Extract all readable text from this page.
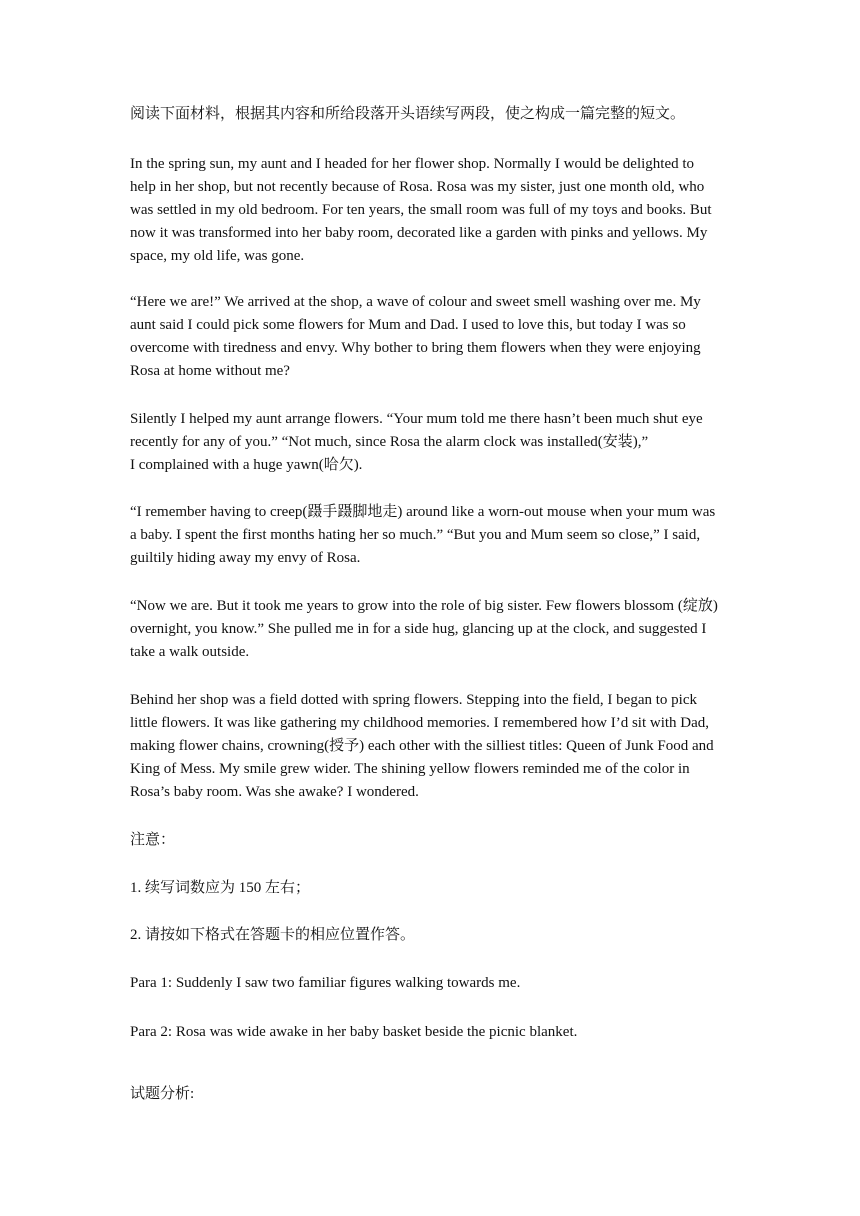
阅读下面材料，根据其内容和所给段落开头语续写两段，使之构成一篇完整的短文。

In the spring sun, my aunt and I headed for her flower shop. Normally I would be delighted to
help in her shop, but not recently because of Rosa. Rosa was my sister, just one month old, who
was settled in my old bedroom. For ten years, the small room was full of my toys and books. But
now it was transformed into her baby room, decorated like a garden with pinks and yellows. My
space, my old life, was gone.

“Here we are!” We arrived at the shop, a wave of colour and sweet smell washing over me. My
aunt said I could pick some flowers for Mum and Dad. I used to love this, but today I was so
overcome with tiredness and envy. Why bother to bring them flowers when they were enjoying
Rosa at home without me?

Silently I helped my aunt arrange flowers. “Your mum told me there hasn’t been much shut eye
recently for any of you.” “Not much, since Rosa the alarm clock was installed(安装),”
I complained with a huge yawn(哈欠).

“I remember having to creep(蹑手蹑脚地走) around like a worn-out mouse when your mum was
a baby. I spent the first months hating her so much.” “But you and Mum seem so close,” I said,
guiltily hiding away my envy of Rosa.

“Now we are. But it took me years to grow into the role of big sister. Few flowers blossom (绽放)
overnight, you know.” She pulled me in for a side hug, glancing up at the clock, and suggested I
take a walk outside.

Behind her shop was a field dotted with spring flowers. Stepping into the field, I began to pick
little flowers. It was like gathering my childhood memories. I remembered how I’d sit with Dad,
making flower chains, crowning(授予) each other with the silliest titles: Queen of Junk Food and
King of Mess. My smile grew wider. The shining yellow flowers reminded me of the color in
Rosa’s baby room. Was she awake? I wondered.

注意：

1. 续写词数应为 150 左右；

2. 请按如下格式在答题卡的相应位置作答。

Para 1: Suddenly I saw two familiar figures walking towards me.

Para 2: Rosa was wide awake in her baby basket beside the picnic blanket.

试题分析:
